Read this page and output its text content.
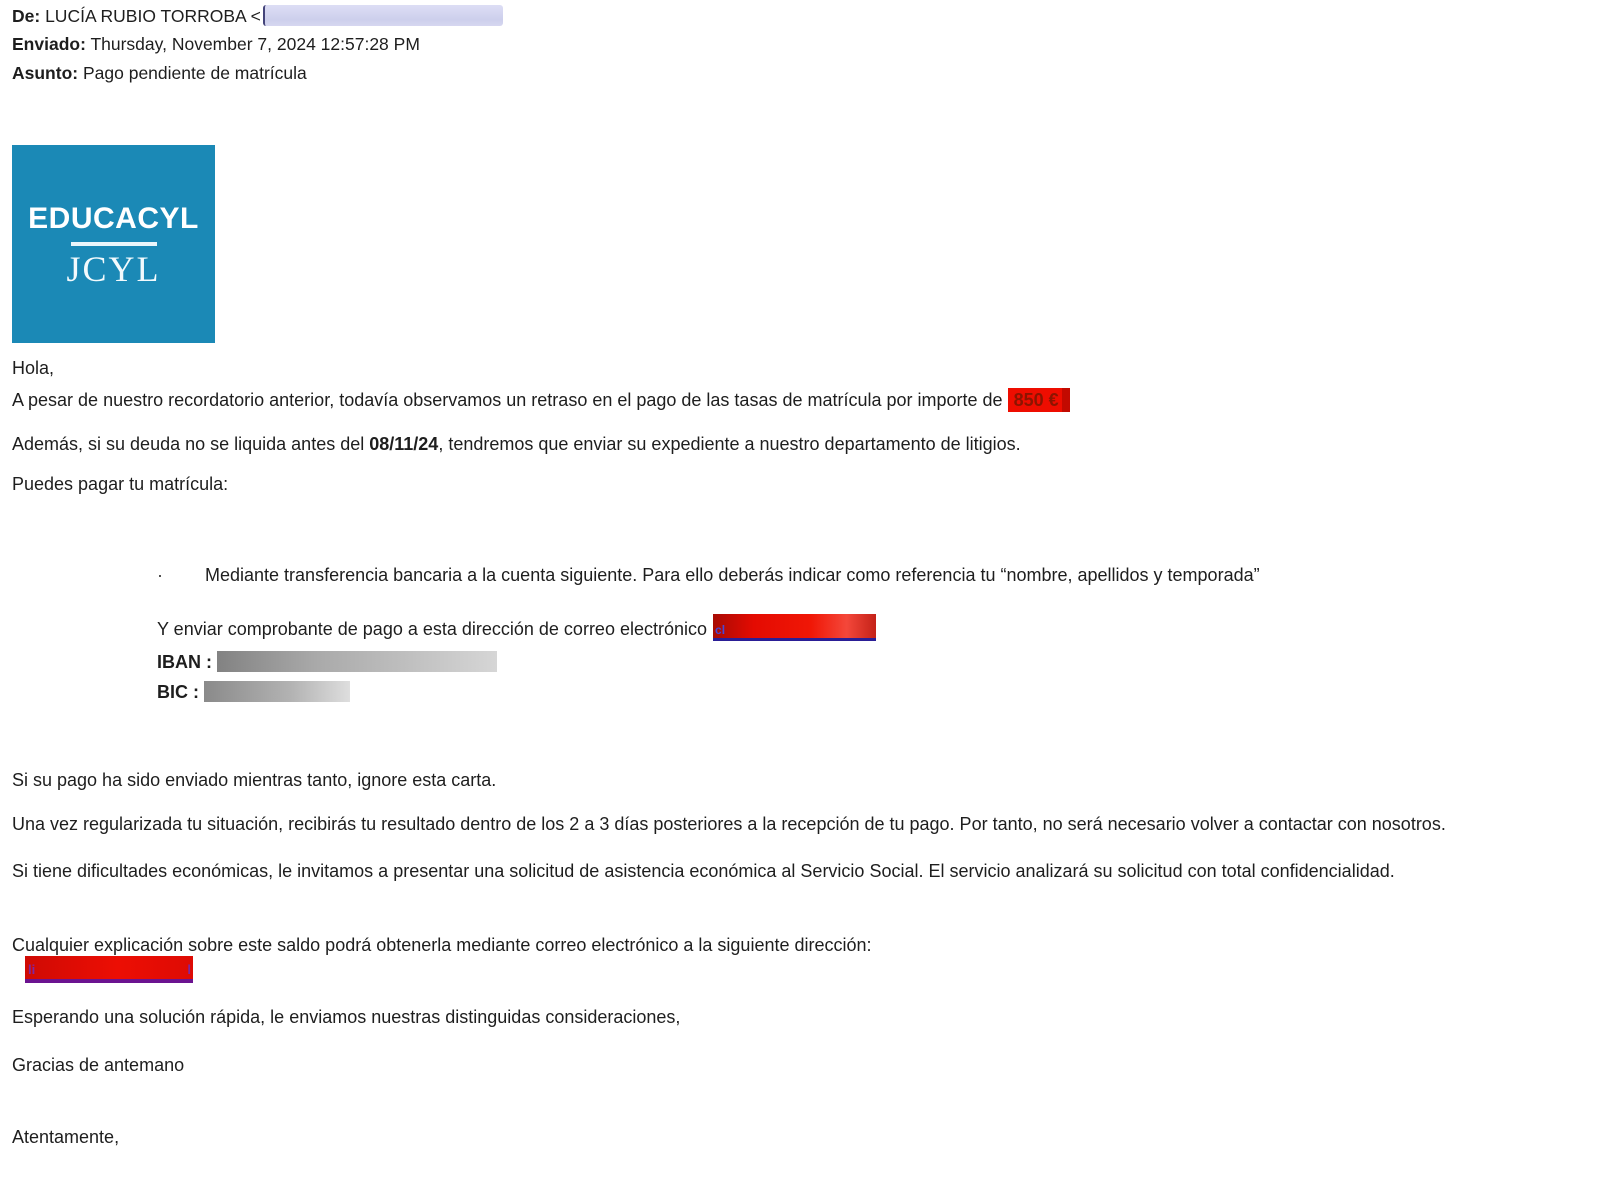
De: LUCÍA RUBIO TORROBA <
Enviado: Thursday, November 7, 2024 12:57:28 PM
Asunto: Pago pendiente de matrícula
EDUCACYL
JCYL
Hola,
A pesar de nuestro recordatorio anterior, todavía observamos un retraso en el pago de las tasas de matrícula por importe de 850 €
Además, si su deuda no se liquida antes del 08/11/24, tendremos que enviar su expediente a nuestro departamento de litigios.
Puedes pagar tu matrícula:
· Mediante transferencia bancaria a la cuenta siguiente. Para ello deberás indicar como referencia tu “nombre, apellidos y temporada”
Y enviar comprobante de pago a esta dirección de correo electrónico cl
IBAN :
BIC :
Si su pago ha sido enviado mientras tanto, ignore esta carta.
Una vez regularizada tu situación, recibirás tu resultado dentro de los 2 a 3 días posteriores a la recepción de tu pago. Por tanto, no será necesario volver a contactar con nosotros.
Si tiene dificultades económicas, le invitamos a presentar una solicitud de asistencia económica al Servicio Social. El servicio analizará su solicitud con total confidencialidad.
Cualquier explicación sobre este saldo podrá obtenerla mediante correo electrónico a la siguiente dirección:
li	l
Esperando una solución rápida, le enviamos nuestras distinguidas consideraciones,
Gracias de antemano
Atentamente,
